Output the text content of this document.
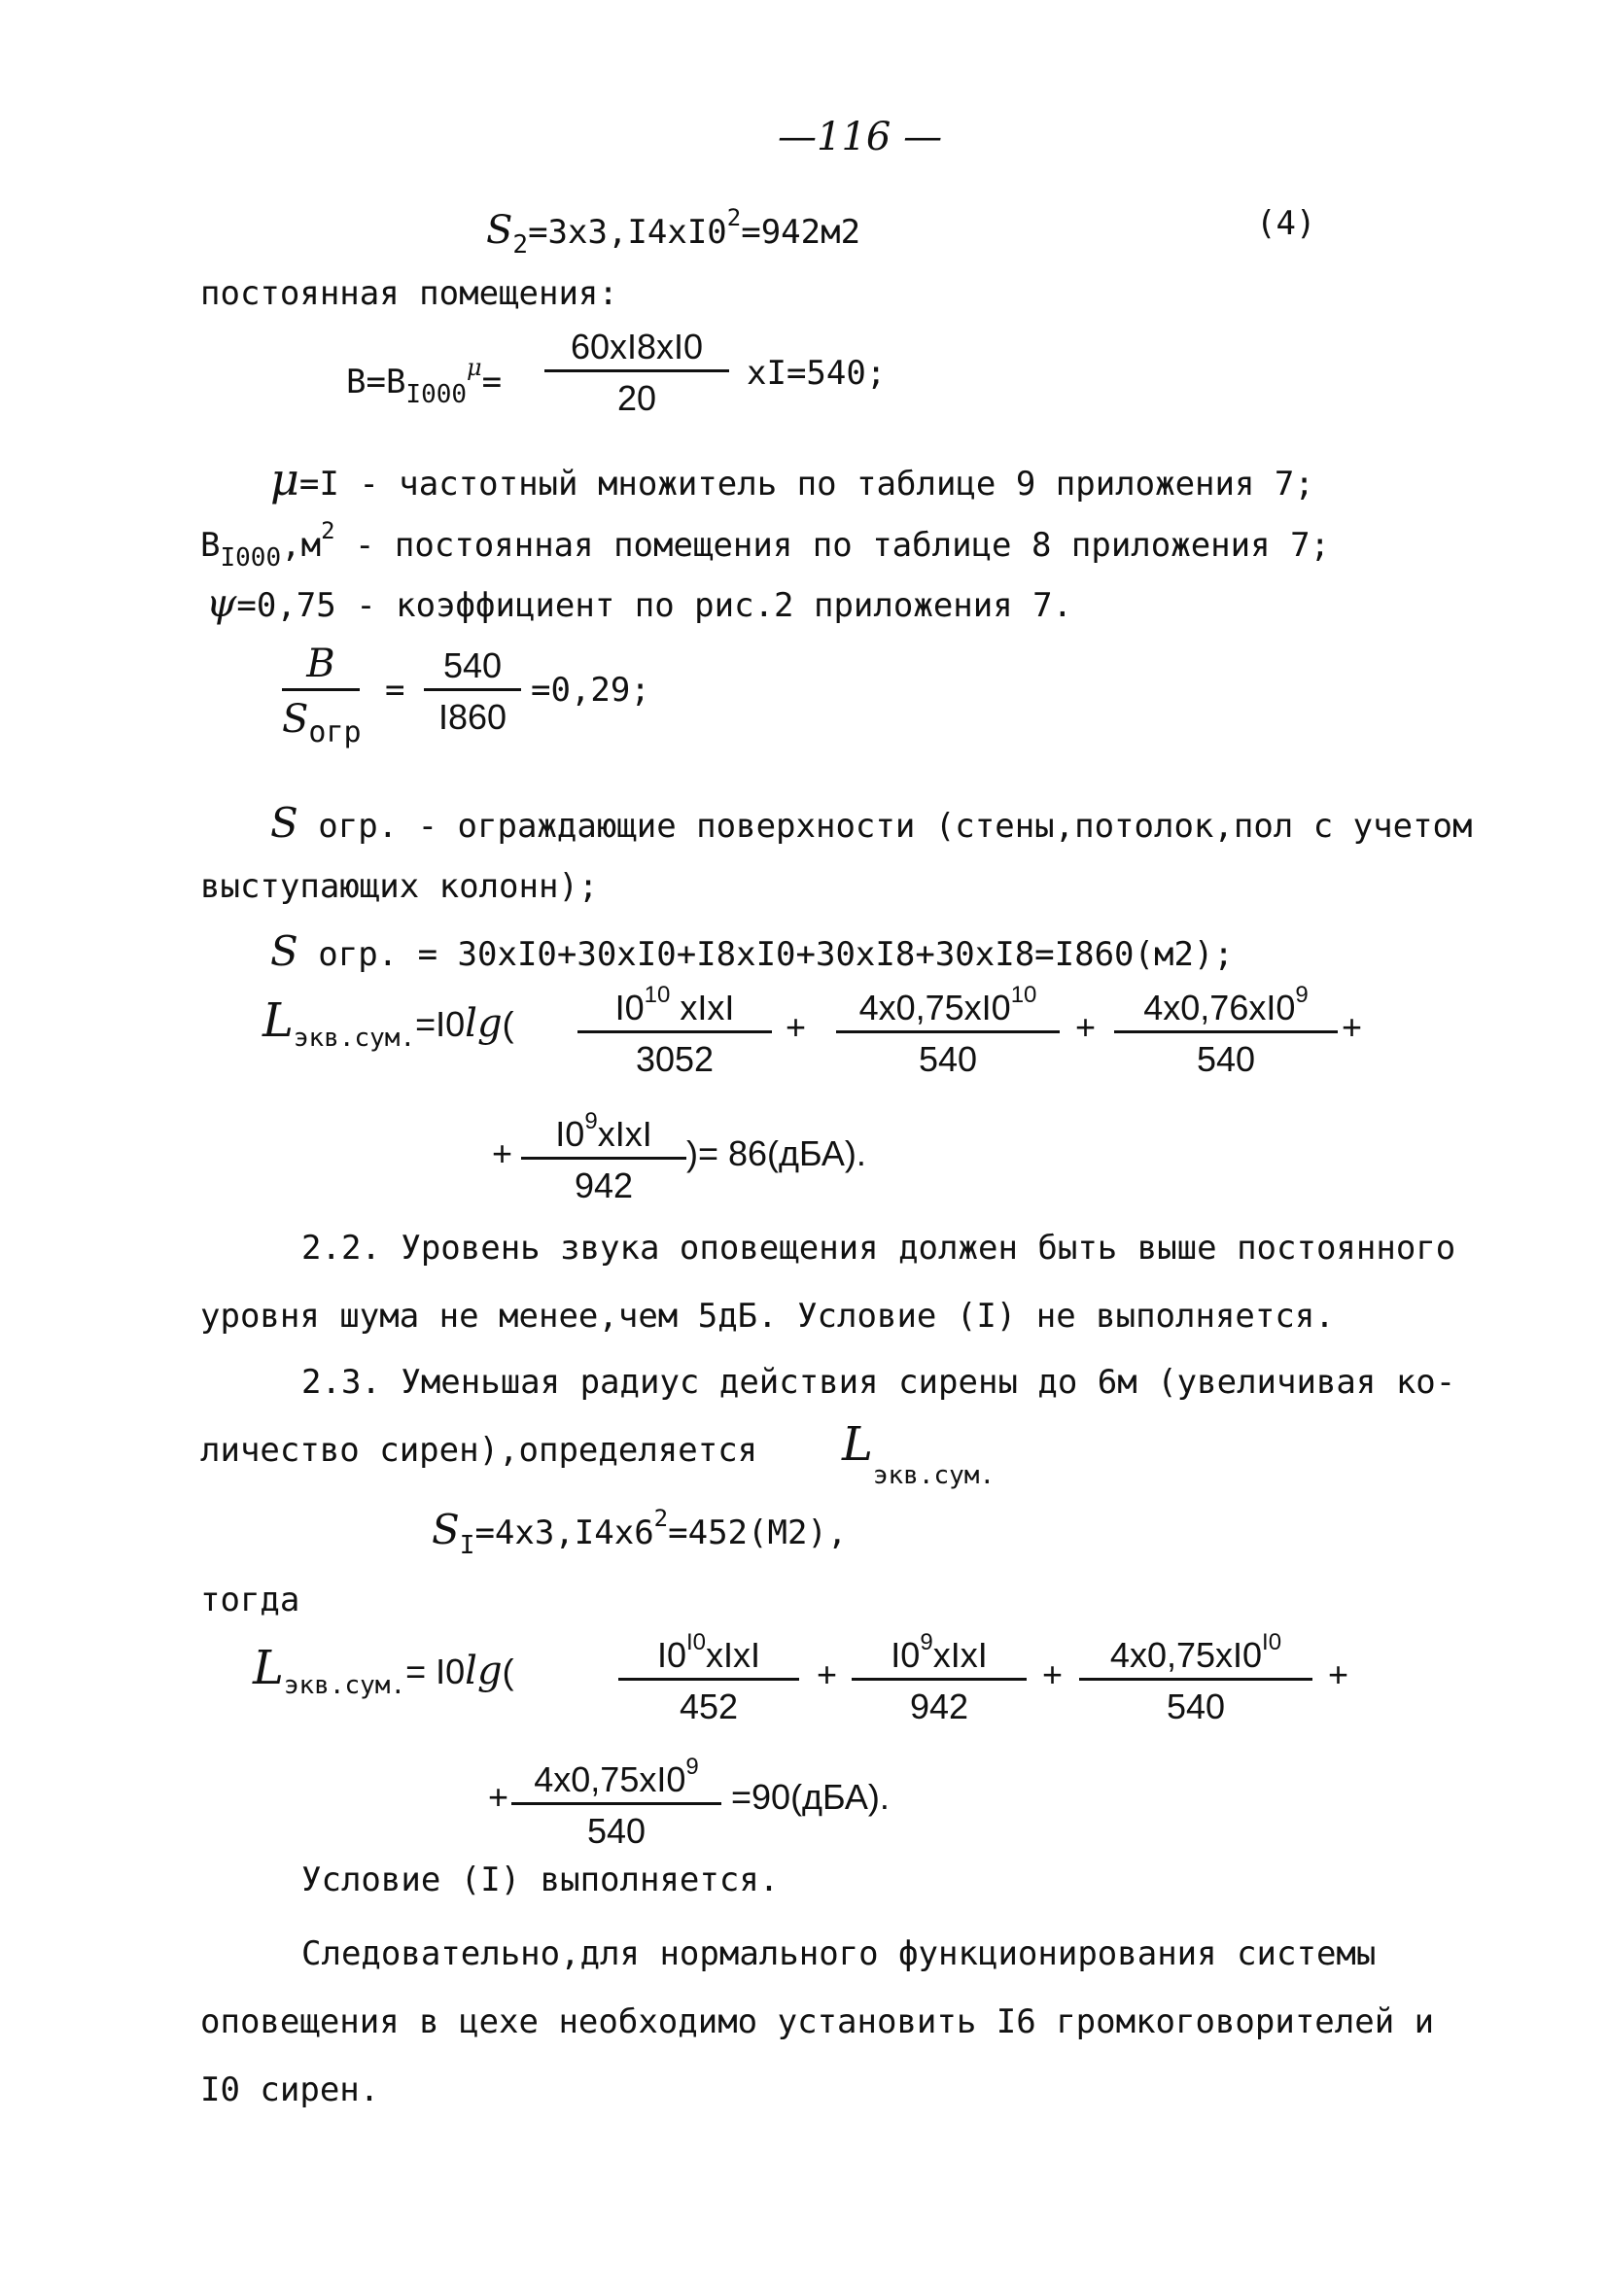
—116 —
$S_2=3x3,I4xI0^2=942м2$	(4)
постоянная помещения:
$B=B_{I000}^\mu= \frac{60xI8xI0}{20} xI=540$;
μ=I - частотный множитель по таблице 9 приложения 7;
$B_{I000},м^2$ - постоянная помещения по таблице 8 приложения 7;
ψ=0,75 - коэффициент по рис.2 приложения 7.
B
Sогр
= $\frac{540}{I860} =0,29$;
S огр. - ограждающие поверхности (стены,потолок,пол с учетом
выступающих колонн);
S огр. = 30xI0+30xI0+I8xI0+30xI8+30xI8=I860(м2);
Lэкв.сум.=I0lg(	$I0^{10}$ xIxI
3052
+ $\frac{4x0,75xI0^{10}}{540} + \frac{4x0,76xI0^9}{540}$ +
+	$I0^9xIxI$
942
)= 86(дБА).
2.2. Уровень звука оповещения должен быть выше постоянного
уровня шума не менее,чем 5дБ. Условие (I) не выполняется.
2.3. Уменьшая радиус действия сирены до 6м (увеличивая ко-
личество сирен),определяется Lэкв.сум.
SI=4x3,I4x62=452(М2),
тогда
Lэкв.сум.= I0lg(	$I0^{I0}xIxI$
452
+	$I0^9xIxI$
942
+ $\frac{4x0,75xI0^{I0}}{540}$ +
+ $\frac{4x0,75xI0^9}{540} =90(дБА)$.
Условие (I) выполняется.
Следовательно,для нормального функционирования системы
оповещения в цехе необходимо установить I6 громкоговорителей и
I0 сирен.
